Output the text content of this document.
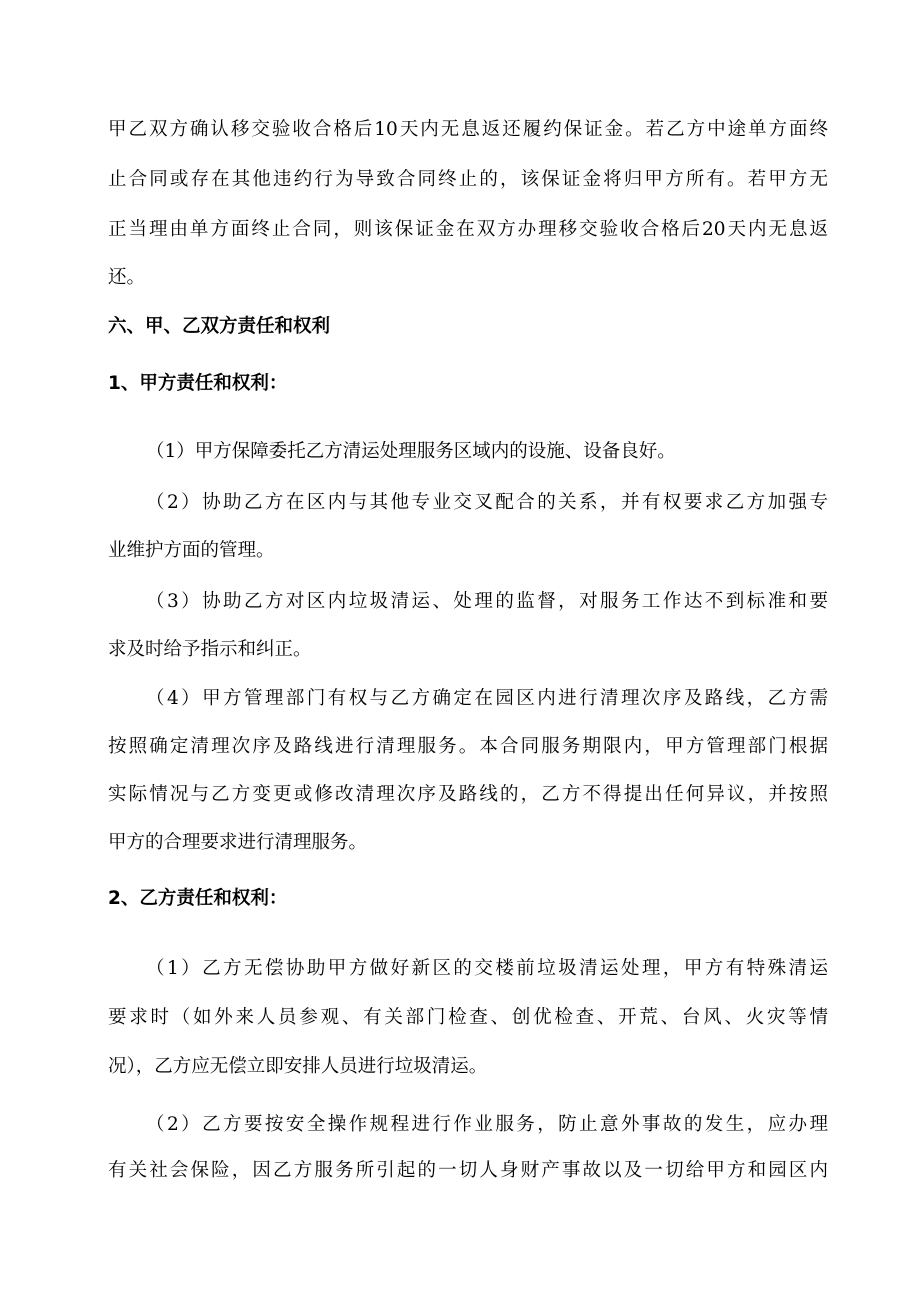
甲乙双方确认移交验收合格后10天内无息返还履约保证金。若乙方中途单方面终
止合同或存在其他违约行为导致合同终止的，该保证金将归甲方所有。若甲方无
正当理由单方面终止合同，则该保证金在双方办理移交验收合格后20天内无息返
还。
六、甲、乙双方责任和权利
1、甲方责任和权利：
（1）甲方保障委托乙方清运处理服务区域内的设施、设备良好。
（2）协助乙方在区内与其他专业交叉配合的关系，并有权要求乙方加强专
业维护方面的管理。
（3）协助乙方对区内垃圾清运、处理的监督，对服务工作达不到标准和要
求及时给予指示和纠正。
（4）甲方管理部门有权与乙方确定在园区内进行清理次序及路线，乙方需
按照确定清理次序及路线进行清理服务。本合同服务期限内，甲方管理部门根据
实际情况与乙方变更或修改清理次序及路线的，乙方不得提出任何异议，并按照
甲方的合理要求进行清理服务。
2、乙方责任和权利：
（1）乙方无偿协助甲方做好新区的交楼前垃圾清运处理，甲方有特殊清运
要求时（如外来人员参观、有关部门检查、创优检查、开荒、台风、火灾等情
况），乙方应无偿立即安排人员进行垃圾清运。
（2）乙方要按安全操作规程进行作业服务，防止意外事故的发生，应办理
有关社会保险，因乙方服务所引起的一切人身财产事故以及一切给甲方和园区内
